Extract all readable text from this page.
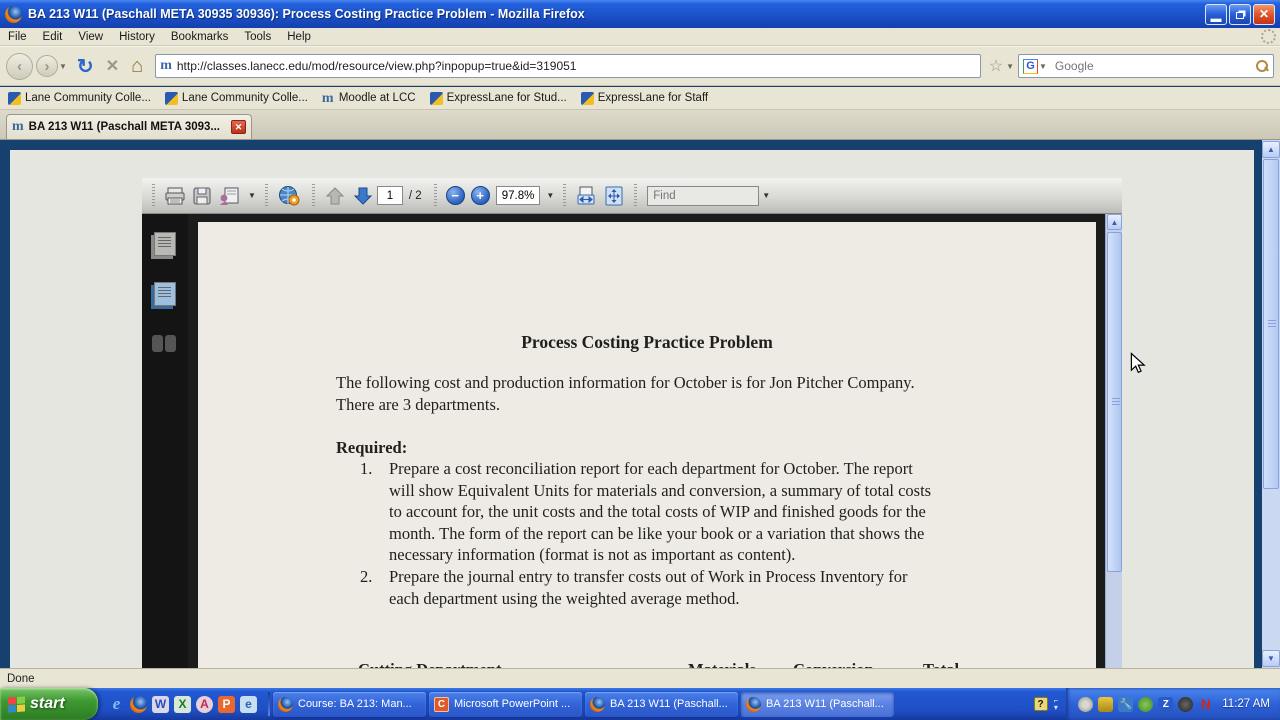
BA 213 W11 (Paschall META 30935 30936): Process Costing Practice Problem - Mozilla Firefox	▬	✕
File	Edit	View	History	Bookmarks	Tools	Help
‹	›	▼ ↻ ✕ ⌂ m
http://classes.lanecc.edu/mod/resource/view.php?inpopup=true&id=319051	☆ ▼ G ▼
Google
Lane Community Colle...	Lane Community Colle... m Moodle at LCC	ExpressLane for Stud...	ExpressLane for Staff
m BA 213 W11 (Paschall META 3093...	✕
▼
1	/ 2	−	+	97.8%	▼
Find	▼
Process Costing Practice Problem
The following cost and production information for October is for Jon Pitcher Company.
There are 3 departments.
Required:
1. Prepare a cost reconciliation report for each department for October. The report
will show Equivalent Units for materials and conversion, a summary of total costs
to account for, the unit costs and the total costs of WIP and finished goods for the
month. The form of the report can be like your book or a variation that shows the
necessary information (format is not as important as content).
2. Prepare the journal entry to transfer costs out of Work in Process Inventory for
each department using the weighted average method.
▲
▲
▼
Done
start	e	W	X	A	P	e	Course: BA 213: Man...	C Microsoft PowerPoint ...	BA 213 W11 (Paschall...	BA 213 W11 (Paschall...	?	⌐
▾	🔧	Z	N 11:27 AM
